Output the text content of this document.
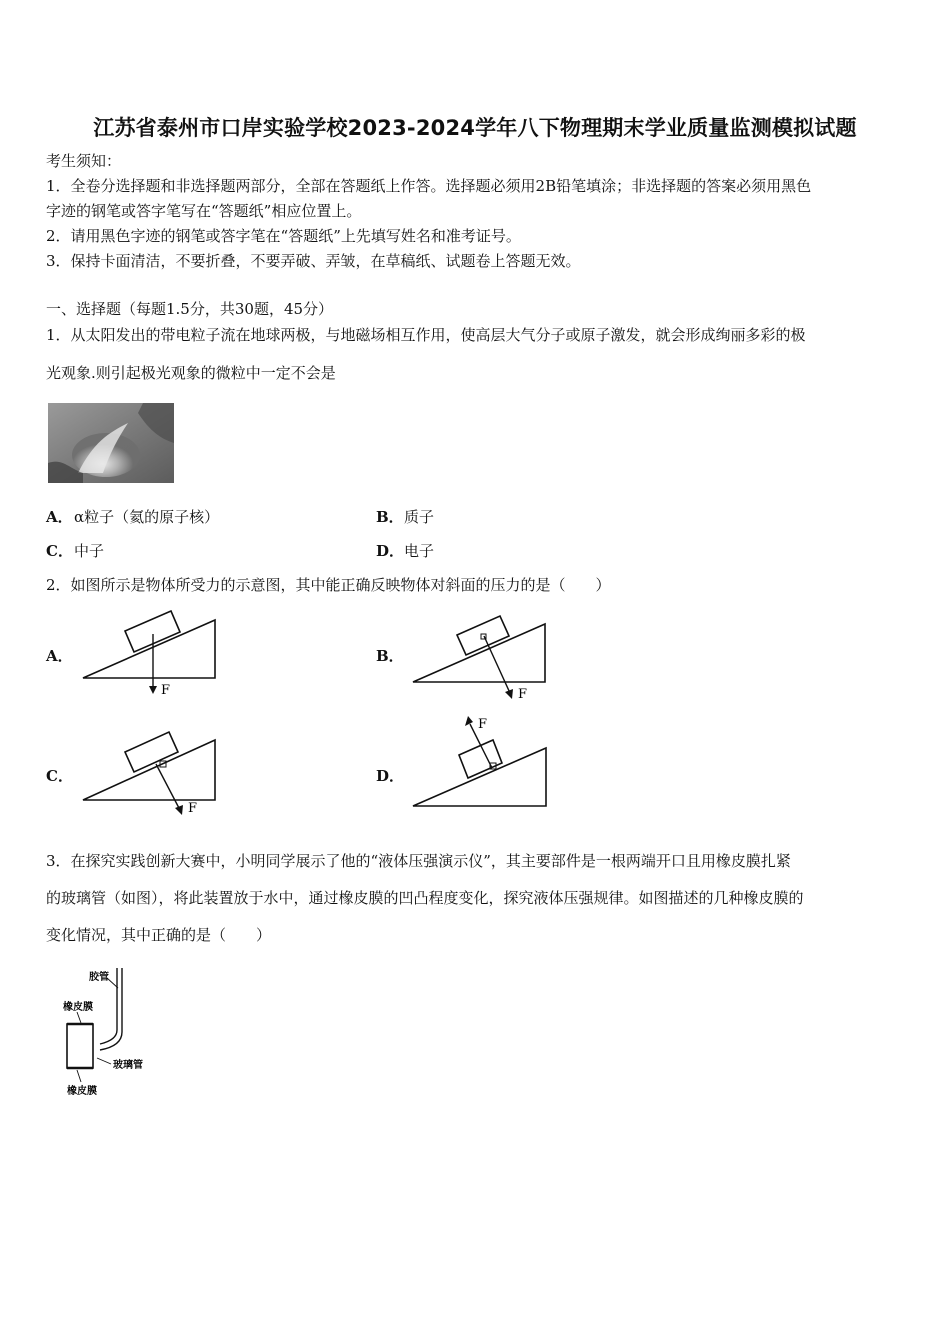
江苏省泰州市口岸实验学校2023-2024学年八下物理期末学业质量监测模拟试题
考生须知：
1．全卷分选择题和非选择题两部分，全部在答题纸上作答。选择题必须用2B铅笔填涂；非选择题的答案必须用黑色
字迹的钢笔或答字笔写在“答题纸”相应位置上。
2．请用黑色字迹的钢笔或答字笔在“答题纸”上先填写姓名和准考证号。
3．保持卡面清洁，不要折叠，不要弄破、弄皱，在草稿纸、试题卷上答题无效。
一、选择题（每题1.5分，共30题，45分）
1．从太阳发出的带电粒子流在地球两极，与地磁场相互作用，使高层大气分子或原子激发，就会形成绚丽多彩的极
光观象.则引起极光观象的微粒中一定不会是
A． α粒子（氦的原子核）	B． 质子
C． 中子	D． 电子
2．如图所示是物体所受力的示意图，其中能正确反映物体对斜面的压力的是（　　）
A．	B．
C．	D．
F	F
F
F
3．在探究实践创新大赛中，小明同学展示了他的“液体压强演示仪”，其主要部件是一根两端开口且用橡皮膜扎紧
的玻璃管（如图），将此装置放于水中，通过橡皮膜的凹凸程度变化，探究液体压强规律。如图描述的几种橡皮膜的
变化情况，其中正确的是（　　）
胶管
橡皮膜
玻璃管
橡皮膜
